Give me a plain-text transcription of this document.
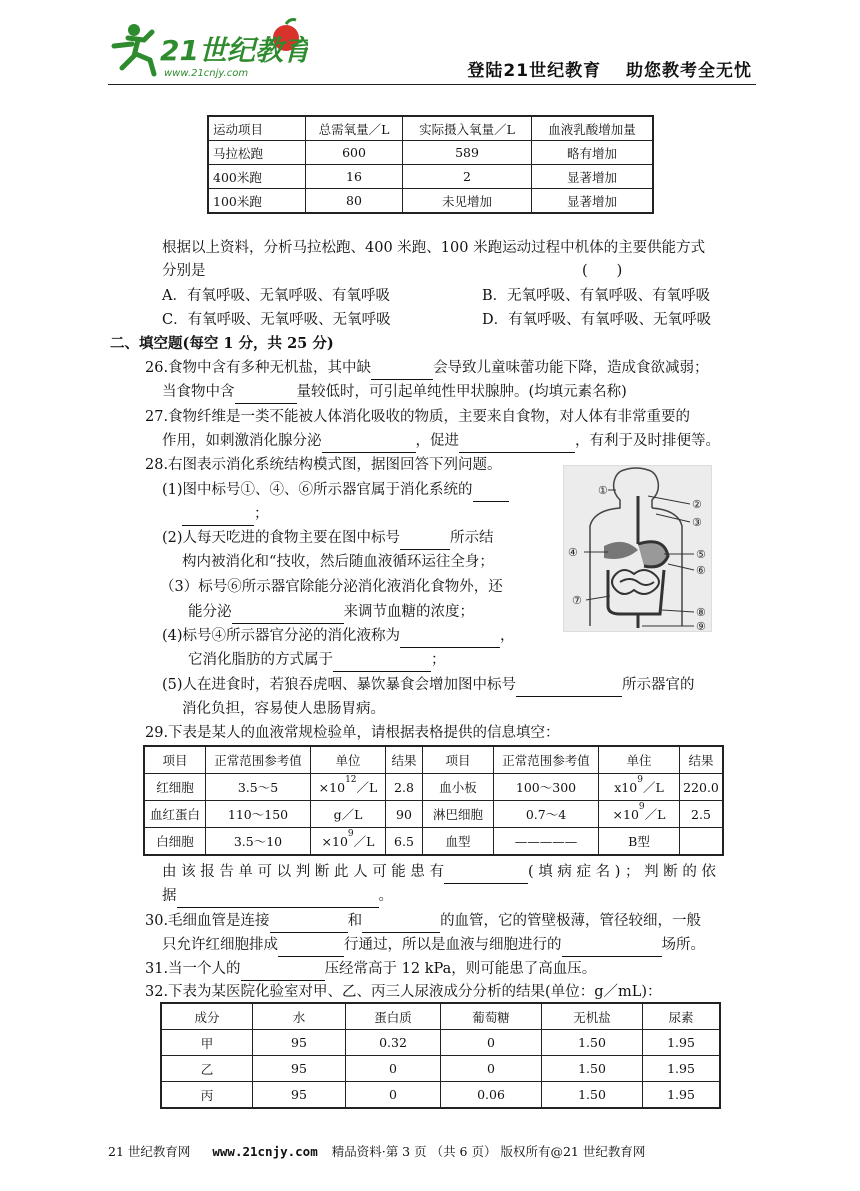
21世纪教育
www.21cnjy.com	登陆21世纪教育　 助您教考全无忧
运动项目	总需氧量／L	实际摄入氧量／L	血液乳酸增加量
马拉松跑	600	589	略有增加
400米跑	16	2	显著增加
100米跑	80	未见增加	显著增加
根据以上资料，分析马拉松跑、400 米跑、100 米跑运动过程中机体的主要供能方式
分别是	(　　)
A．有氧呼吸、无氧呼吸、有氧呼吸	B．无氧呼吸、有氧呼吸、有氧呼吸
C．有氧呼吸、无氧呼吸、无氧呼吸	D．有氧呼吸、有氧呼吸、无氧呼吸
二、填空题(每空 1 分，共 25 分)
26.食物中含有多种无机盐，其中缺	会导致儿童味蕾功能下降，造成食欲减弱；
当食物中含	量较低时，可引起单纯性甲状腺肿。(均填元素名称)
27.食物纤维是一类不能被人体消化吸收的物质，主要来自食物，对人体有非常重要的
作用，如刺激消化腺分泌	，促进	，有利于及时排便等。
28.右图表示消化系统结构模式图，据图回答下列问题。
(1)图中标号①、④、⑥所示器官属于消化系统的
；
(2)人每天吃进的食物主要在图中标号	所示结
构内被消化和“技收，然后随血液循环运往全身；
（3）标号⑥所示器官除能分泌消化液消化食物外，还
能分泌	来调节血糖的浓度；
(4)标号④所示器官分泌的消化液称为	，
它消化脂肪的方式属于	；
(5)人在进食时，若狼吞虎咽、暴饮暴食会增加图中标号	所示器官的
消化负担，容易使人患肠胃病。
①
②
③
④	⑤
⑥
⑦
⑧
⑨
29.下表是某人的血液常规检验单，请根据表格提供的信息填空：
项目	正常范围参考值	单位	结果	项目	正常范围参考值	单住	结果
红细胞	3.5～5	$\times 10^{12}/L$	2.8	血小板	100～300	$x10^9/L$	220.0
血红蛋白	110～150	g／L	90	淋巴细胞	0.7～4	$\times 10^9/L$	2.5
白细胞	3.5～10	$\times 10^9/L$	6.5	血型	—————	B型	
由 该 报 告 单 可 以 判 断 此 人 可 能 患 有	( 填 病 症 名 ) ； 判 断 的 依
据	。
30.毛细血管是连接	和	的血管，它的管壁极薄，管径较细，一般
只允许红细胞排成	行通过，所以是血液与细胞进行的	场所。
31.当一个人的	压经常高于 12 kPa，则可能患了高血压。
32.下表为某医院化验室对甲、乙、丙三人尿液成分分析的结果(单位：g／mL)：
成分	水	蛋白质	葡萄糖	无机盐	尿素
甲	95	0.32	0	1.50	1.95
乙	95	0	0	1.50	1.95
丙	95	0	0.06	1.50	1.95
21 世纪教育网 www.21cnjy.com 精品资料·第 3 页 （共 6 页） 版权所有@21 世纪教育网
